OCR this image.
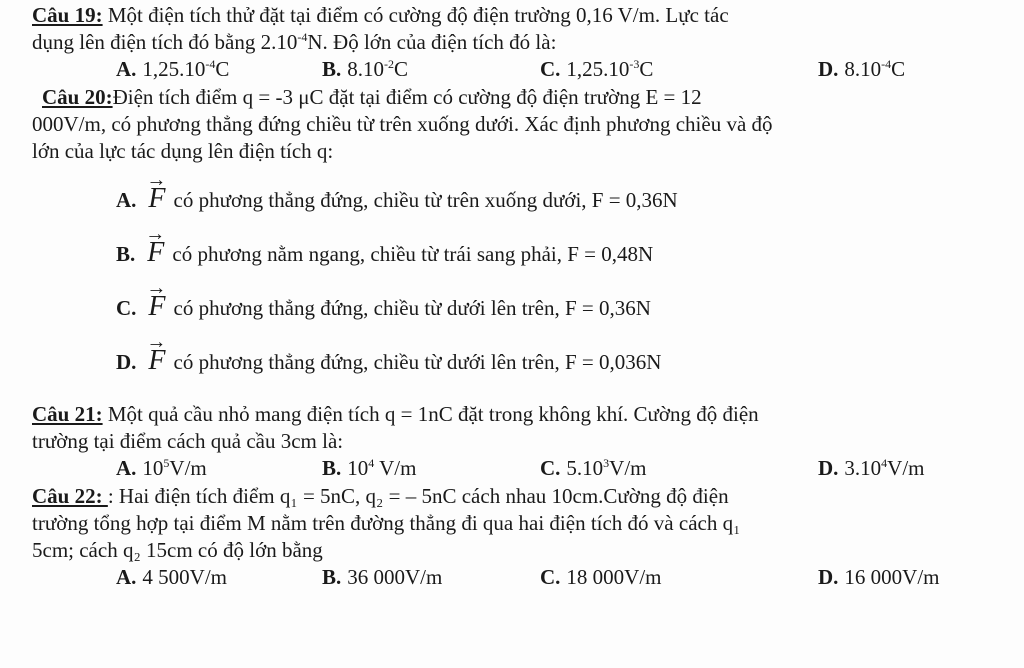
Câu 19: Một điện tích thử đặt tại điểm có cường độ điện trường 0,16 V/m. Lực tác
dụng lên điện tích đó bằng $2.10^{-4}N$. Độ lớn của điện tích đó là:
A. $1,25.10^{-4}C$	B. $8.10^{-2}C$	C. $1,25.10^{-3}C$	D. $8.10^{-4}C$
Câu 20:Điện tích điểm q = -3 μC đặt tại điểm có cường độ điện trường E = 12
000V/m, có phương thẳng đứng chiều từ trên xuống dưới. Xác định phương chiều và độ
lớn của lực tác dụng lên điện tích q:
A. → F có phương thẳng đứng, chiều từ trên xuống dưới, F = 0,36N
B. → F có phương nằm ngang, chiều từ trái sang phải, F = 0,48N
C. → F có phương thẳng đứng, chiều từ dưới lên trên, F = 0,36N
D. → F có phương thẳng đứng, chiều từ dưới lên trên, F = 0,036N
Câu 21: Một quả cầu nhỏ mang điện tích q = 1nC đặt trong không khí. Cường độ điện
trường tại điểm cách quả cầu 3cm là:
A. $10^5V/m$	B. $10^4$ V/m	C. 5.10$^3$V/m	D. 3.10$^4$V/m
Câu 22: : Hai điện tích điểm q₁ = 5nC, q₂ = – 5nC cách nhau 10cm.Cường độ điện
trường tổng hợp tại điểm M nằm trên đường thẳng đi qua hai điện tích đó và cách q₁
5cm; cách q₂ 15cm có độ lớn bằng
A. 4 500V/m	B. 36 000V/m	C. 18 000V/m	D. 16 000V/m
